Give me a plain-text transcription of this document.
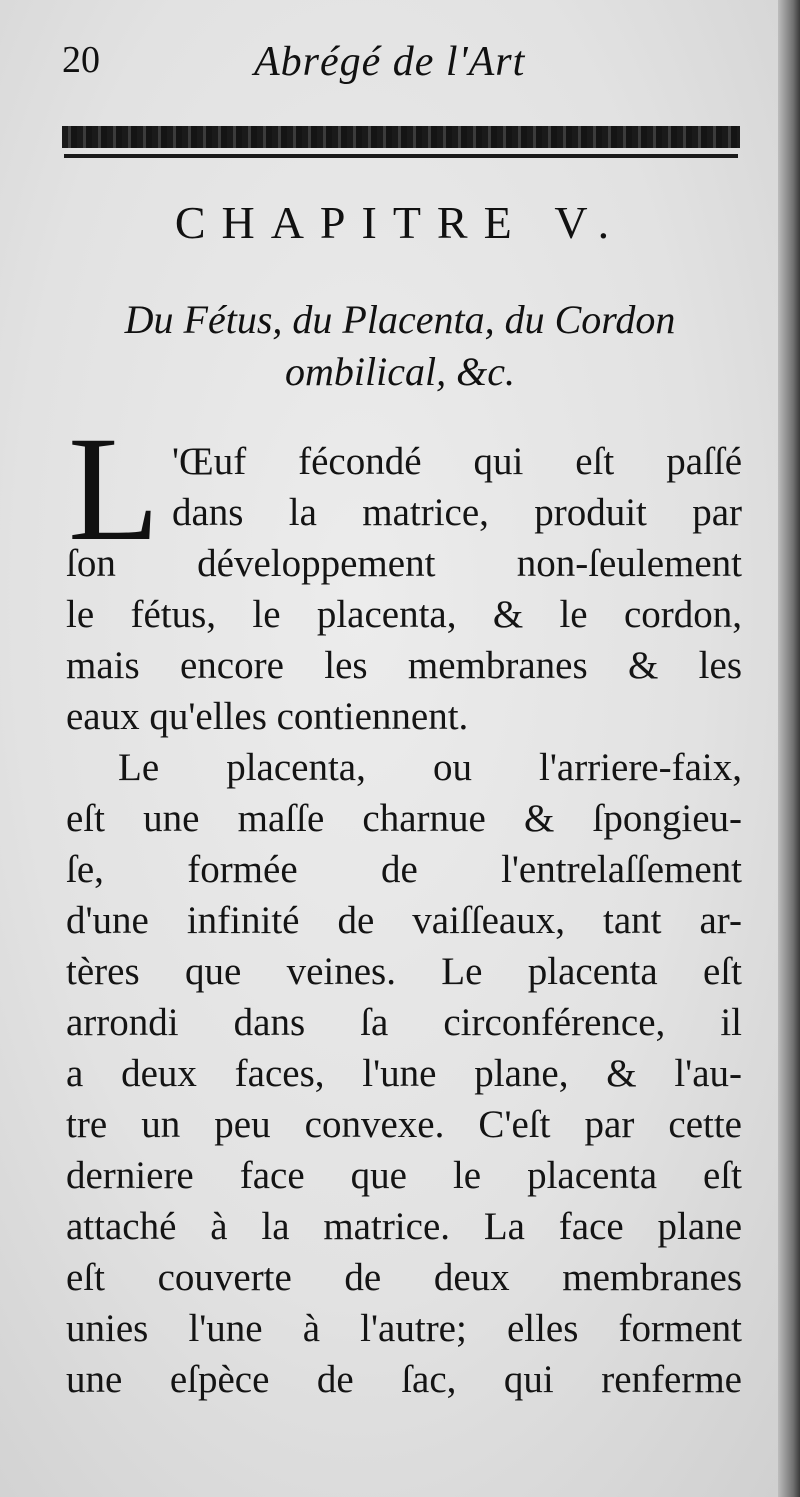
20	Abrégé de l'Art
CHAPITRE V.
Du Fétus, du Placenta, du Cordon
ombilical, &c.
L 'Œuf fécondé qui eſt paſſé
dans la matrice, produit par
ſon développement non-ſeulement
le fétus, le placenta, & le cordon,
mais encore les membranes & les
eaux qu'elles contiennent.
Le placenta, ou l'arriere-faix,
eſt une maſſe charnue & ſpongieu-
ſe, formée de l'entrelaſſement
d'une infinité de vaiſſeaux, tant ar-
tères que veines. Le placenta eſt
arrondi dans ſa circonférence, il
a deux faces, l'une plane, & l'au-
tre un peu convexe. C'eſt par cette
derniere face que le placenta eſt
attaché à la matrice. La face plane
eſt couverte de deux membranes
unies l'une à l'autre; elles forment
une eſpèce de ſac, qui renferme
